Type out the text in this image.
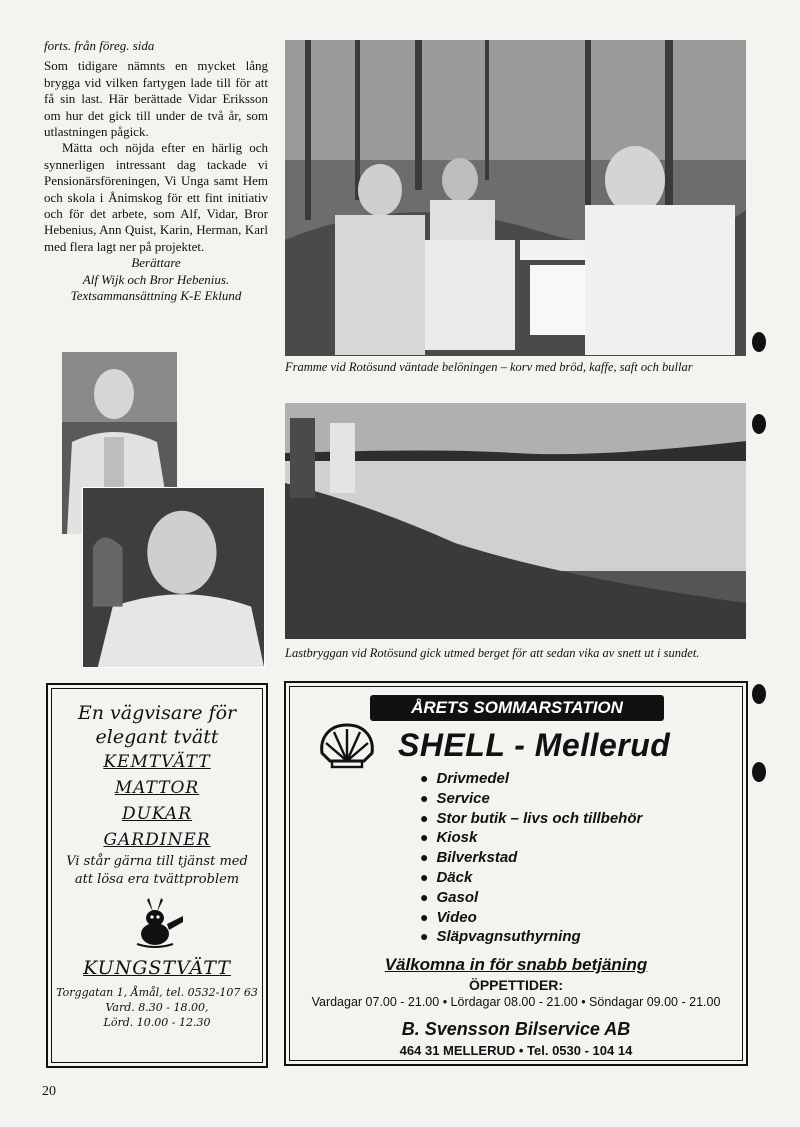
forts. från föreg. sida

Som tidigare nämnts en mycket lång brygga vid vilken fartygen lade till för att få sin last. Här berättade Vidar Eriksson om hur det gick till under de två år, som utlastningen pågick.

Mätta och nöjda efter en härlig och synnerligen intressant dag tackade vi Pensionärsföreningen, Vi Unga samt Hem och skola i Ånimskog för ett fint initiativ och för det arbete, som Alf, Vidar, Bror Hebenius, Ann Quist, Karin, Herman, Karl med flera lagt ner på projektet.

Berättare
Alf Wijk och Bror Hebenius.
Textsammansättning K-E Eklund
Framme vid Rotösund väntade belöningen – korv med bröd, kaffe, saft och bullar
Lastbryggan vid Rotösund gick utmed berget för att sedan vika av snett ut i sundet.
En vägvisare för
elegant tvätt
KEMTVÄTT
MATTOR
DUKAR
GARDINER
Vi står gärna till tjänst med
att lösa era tvättproblem
KUNGSTVÄTT
Torggatan 1, Åmål, tel. 0532-107 63
Vard. 8.30 - 18.00,
Lörd. 10.00 - 12.30
ÅRETS SOMMARSTATION
SHELL - Mellerud
● Drivmedel
● Service
● Stor butik – livs och tillbehör
● Kiosk
● Bilverkstad
● Däck
● Gasol
● Video
● Släpvagnsuthyrning
Välkomna in för snabb betjäning
ÖPPETTIDER:
Vardagar 07.00 - 21.00 • Lördagar 08.00 - 21.00 • Söndagar 09.00 - 21.00
B. Svensson Bilservice AB
464 31 MELLERUD • Tel. 0530 - 104 14
20
